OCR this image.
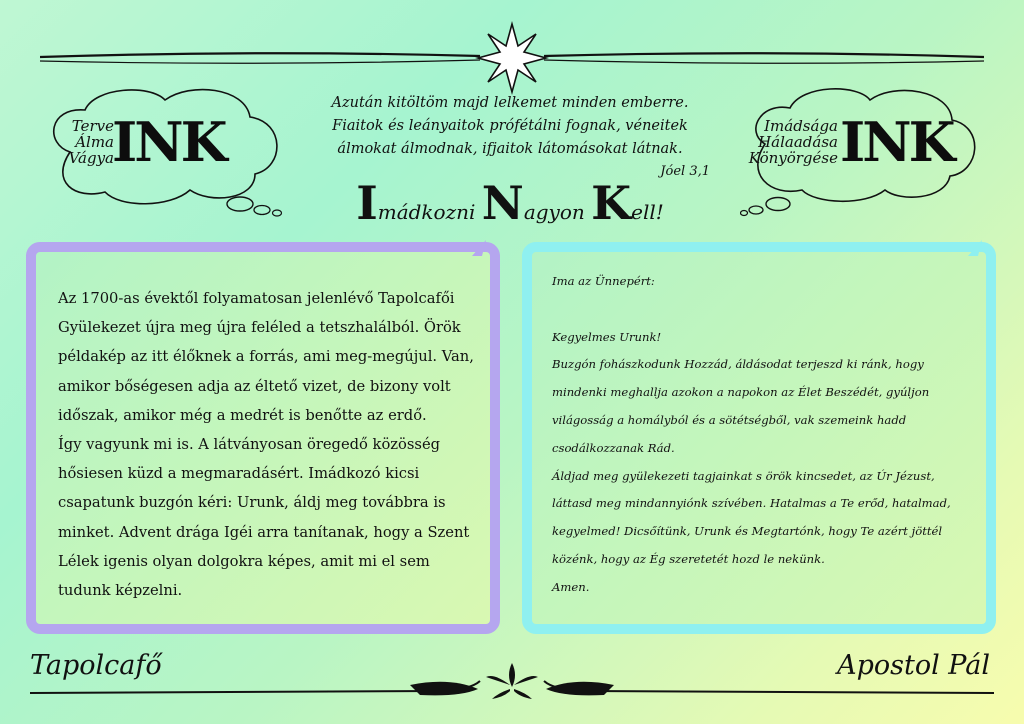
Terve
Álma
Vágya
INK	Imádsága
Hálaadása
Könyörgése INK
Azután kitöltöm majd lelkemet minden emberre.
Fiaitok és leányaitok prófétálni fognak, véneitek
álmokat álmodnak, ifjaitok látomásokat látnak.
Jóel 3,1
Imádkozni Nagyon Kell!

Az 1700-as évektől folyamatosan jelenlévő Tapolcafői Gyülekezet újra meg újra feléled a tetszhalálból. Örök példakép az itt élőknek a forrás, ami meg-megújul. Van, amikor bőségesen adja az éltető vizet, de bizony volt időszak, amikor még a medrét is benőtte az erdő.

Így vagyunk mi is. A látványosan öregedő közösség hősiesen küzd a megmaradásért. Imádkozó kicsi csapatunk buzgón kéri: Urunk, áldj meg továbbra is minket. Advent drága Igéi arra tanítanak, hogy a Szent Lélek igenis olyan dolgokra képes, amit mi el sem tudunk képzelni.

Ima az Ünnepért:

Kegyelmes Urunk!

Buzgón fohászkodunk Hozzád, áldásodat terjeszd ki ránk, hogy mindenki meghallja azokon a napokon az Élet Beszédét, gyúljon világosság a homályból és a sötétségből, vak szemeink hadd csodálkozzanak Rád.

Áldjad meg gyülekezeti tagjainkat s örök kincsedet, az Úr Jézust, láttasd meg mindannyiónk szívében. Hatalmas a Te erőd, hatalmad, kegyelmed! Dicsőítünk, Urunk és Megtartónk, hogy Te azért jöttél közénk, hogy az Ég szeretetét hozd le nekünk.

Amen.

Tapolcafő	Apostol Pál
